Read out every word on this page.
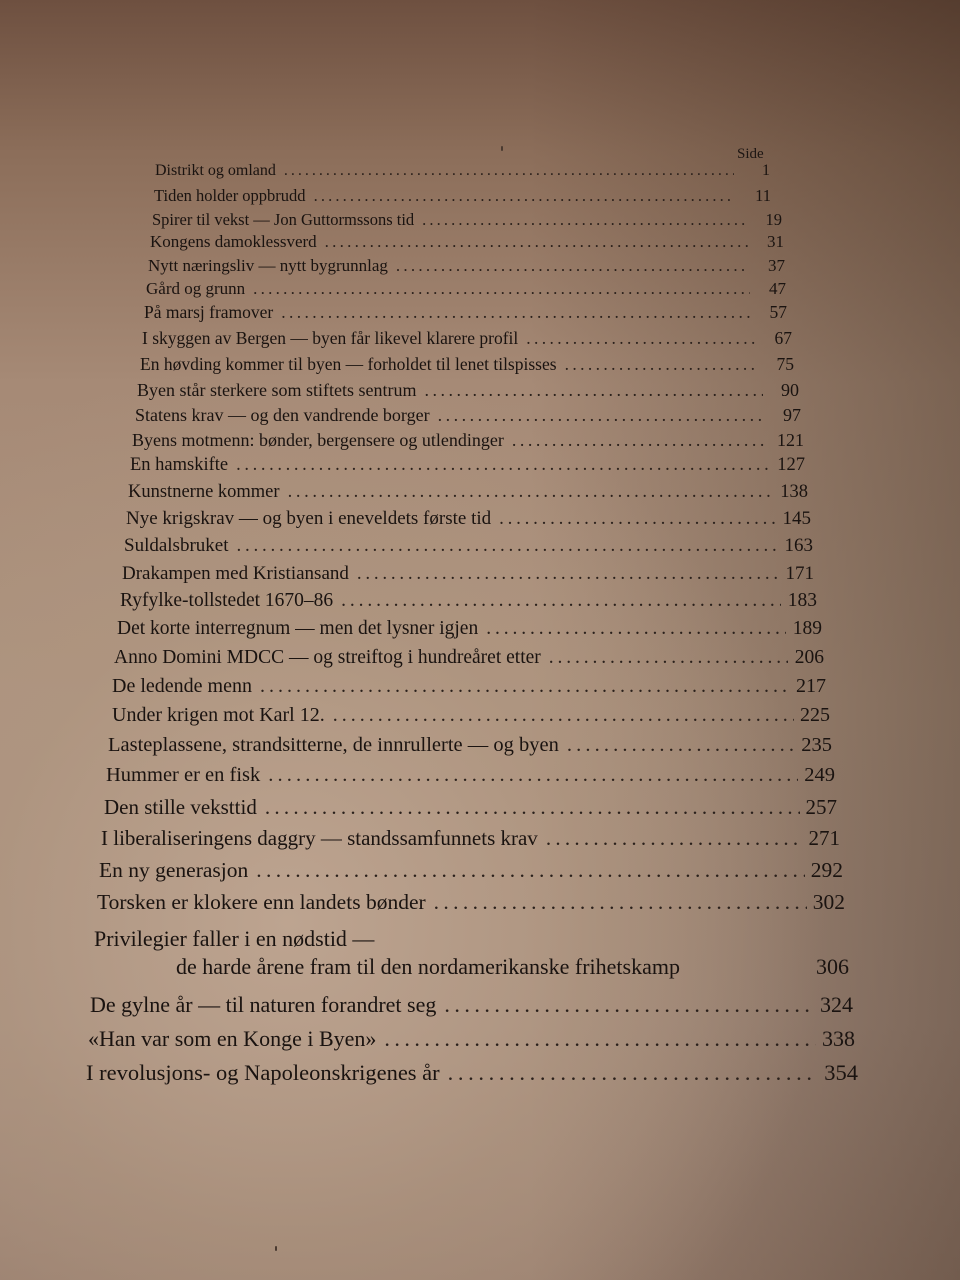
Side
Distrikt og omland . . .	1
Tiden holder oppbrudd . . .	11
Spirer til vekst — Jon Guttormssons tid . . .	19
Kongens damoklessverd . . .	31
Nytt næringsliv — nytt bygrunnlag . . .	37
Gård og grunn . . .	47
På marsj framover . . .	57
I skyggen av Bergen — byen får likevel klarere profil . . .	67
En høvding kommer til byen — forholdet til lenet tilspisses . . .	75
Byen står sterkere som stiftets sentrum . . .	90
Statens krav — og den vandrende borger . . .	97
Byens motmenn: bønder, bergensere og utlendinger . . .	121
En hamskifte . . .	127
Kunstnerne kommer . . .	138
Nye krigskrav — og byen i eneveldets første tid . . .	145
Suldalsbruket . . .	163
Drakampen med Kristiansand . . .	171
Ryfylke-tollstedet 1670–86 . . .	183
Det korte interregnum — men det lysner igjen . . .	189
Anno Domini MDCC — og streiftog i hundreåret etter . . .	206
De ledende menn . . .	217
Under krigen mot Karl 12. . . .	225
Lasteplassene, strandsitterne, de innrullerte — og byen . . .	235
Hummer er en fisk . . .	249
Den stille veksttid . . .	257
I liberaliseringens daggry — standssamfunnets krav . . .	271
En ny generasjon . . .	292
Torsken er klokere enn landets bønder . . .	302
Privilegier faller i en nødstid —
de harde årene fram til den nordamerikanske frihetskamp	306
De gylne år — til naturen forandret seg . . .	324
«Han var som en Konge i Byen» . . .	338
I revolusjons- og Napoleonskrigenes år . . .	354
